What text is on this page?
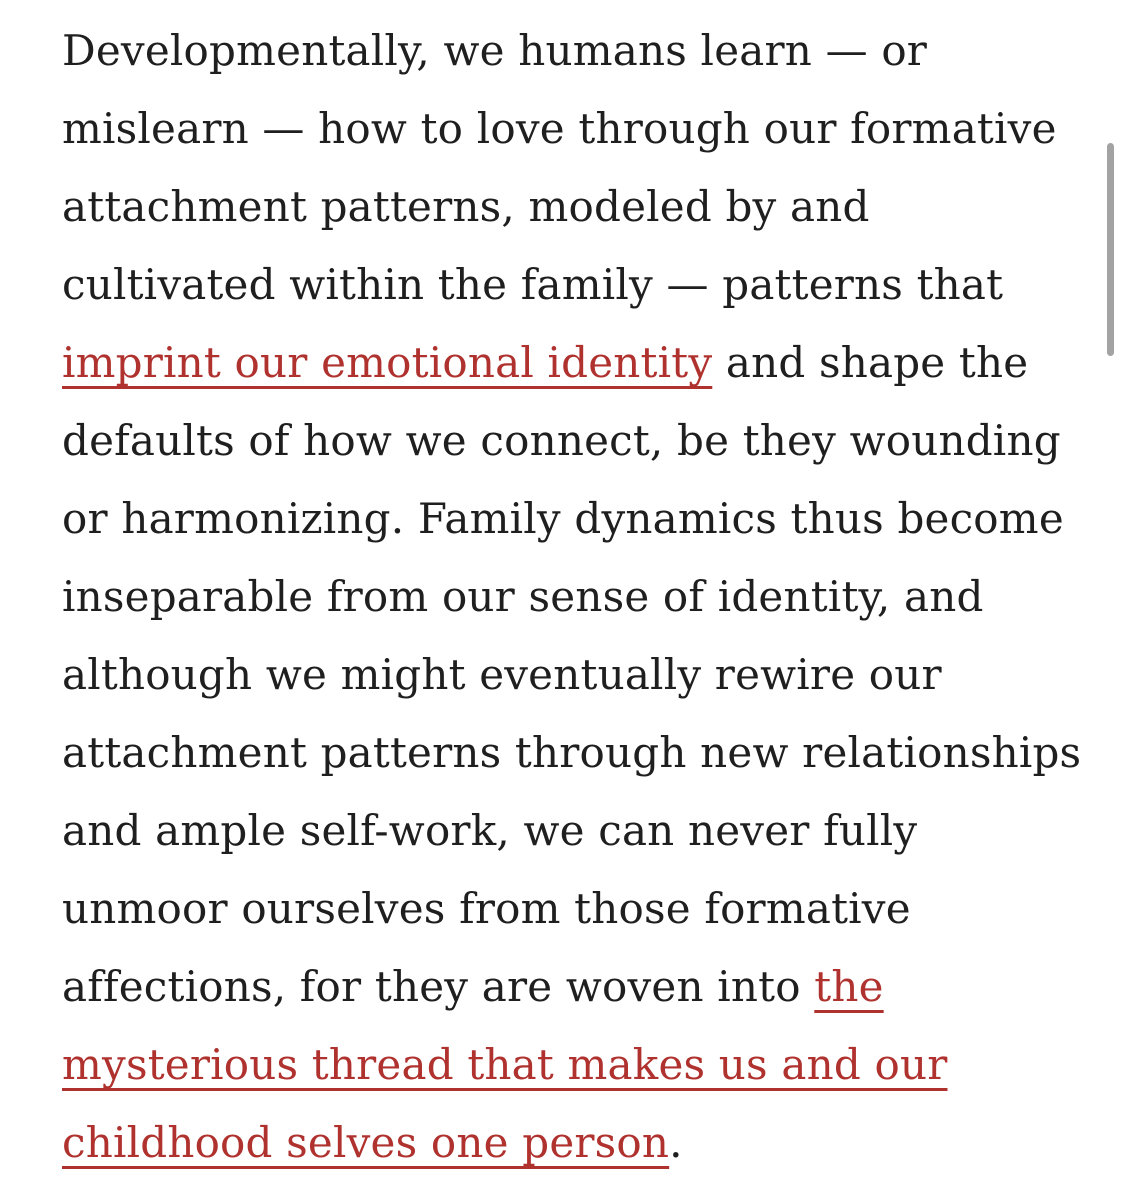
Developmentally, we humans learn — or
mislearn — how to love through our formative
attachment patterns, modeled by and
cultivated within the family — patterns that
imprint our emotional identity and shape the
defaults of how we connect, be they wounding
or harmonizing. Family dynamics thus become
inseparable from our sense of identity, and
although we might eventually rewire our
attachment patterns through new relationships
and ample self-work, we can never fully
unmoor ourselves from those formative
affections, for they are woven into the
mysterious thread that makes us and our
childhood selves one person.
